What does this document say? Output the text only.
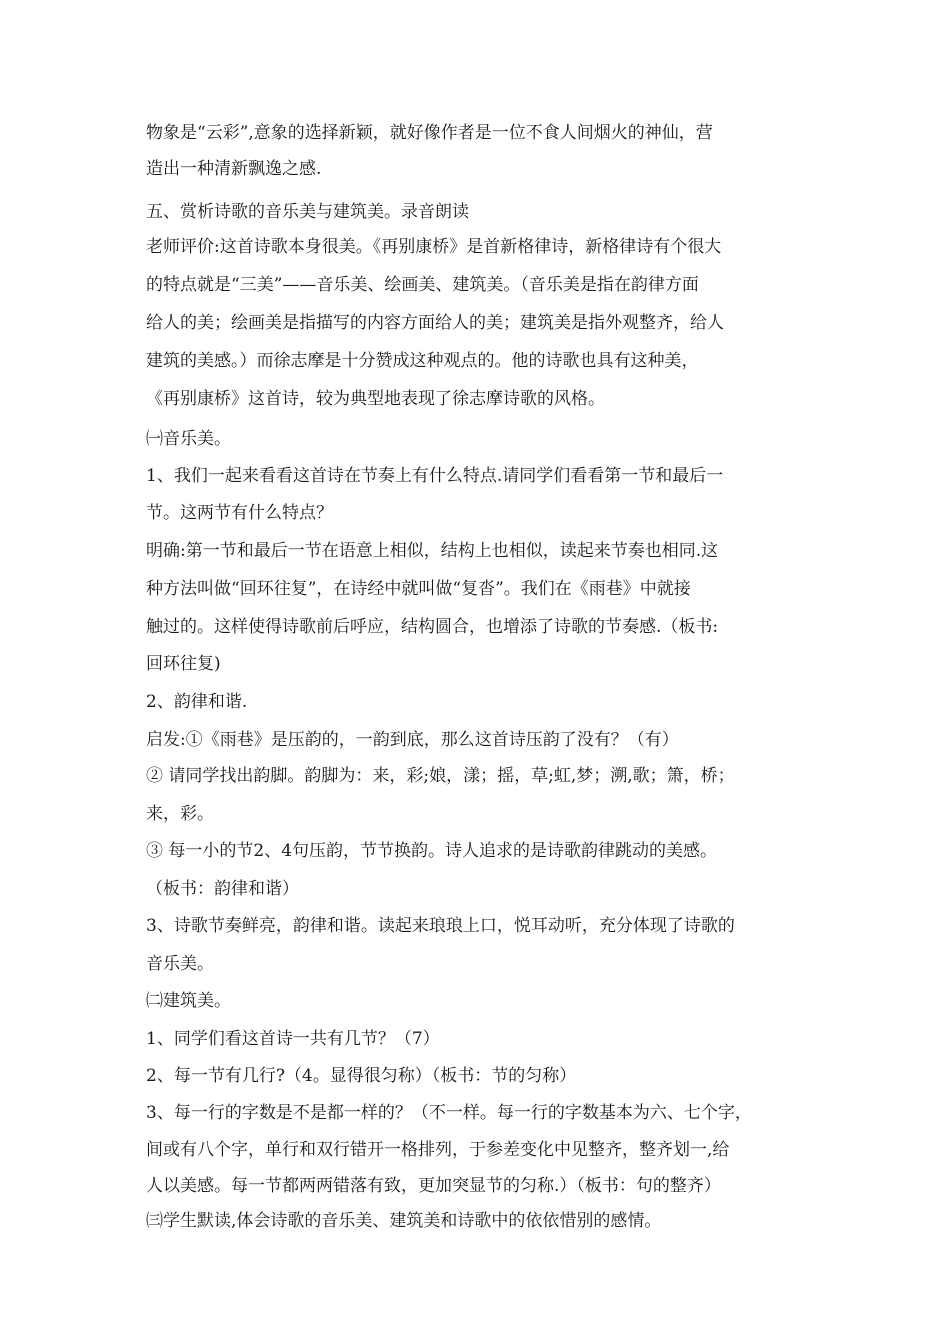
物象是“云彩”,意象的选择新颖，就好像作者是一位不食人间烟火的神仙，营
造出一种清新飘逸之感.
五、赏析诗歌的音乐美与建筑美。录音朗读
老师评价:这首诗歌本身很美。《再别康桥》是首新格律诗，新格律诗有个很大
的特点就是“三美”——音乐美、绘画美、建筑美。（音乐美是指在韵律方面
给人的美；绘画美是指描写的内容方面给人的美；建筑美是指外观整齐，给人
建筑的美感。）而徐志摩是十分赞成这种观点的。他的诗歌也具有这种美，
《再别康桥》这首诗，较为典型地表现了徐志摩诗歌的风格。
㈠音乐美。
1、我们一起来看看这首诗在节奏上有什么特点.请同学们看看第一节和最后一
节。这两节有什么特点？
明确:第一节和最后一节在语意上相似，结构上也相似，读起来节奏也相同.这
种方法叫做“回环往复”，在诗经中就叫做“复沓”。我们在《雨巷》中就接
触过的。这样使得诗歌前后呼应，结构圆合，也增添了诗歌的节奏感.（板书:
回环往复)
2、韵律和谐.
启发:①《雨巷》是压韵的，一韵到底，那么这首诗压韵了没有？（有）
② 请同学找出韵脚。韵脚为：来，彩;娘，漾；摇，草;虹,梦；溯,歌；箫，桥；
来，彩。
③ 每一小的节2、4句压韵，节节换韵。诗人追求的是诗歌韵律跳动的美感。
（板书：韵律和谐）
3、诗歌节奏鲜亮，韵律和谐。读起来琅琅上口，悦耳动听，充分体现了诗歌的
音乐美。
㈡建筑美。
1、同学们看这首诗一共有几节？（7）
2、每一节有几行?（4。显得很匀称）（板书：节的匀称）
3、每一行的字数是不是都一样的？（不一样。每一行的字数基本为六、七个字，
间或有八个字，单行和双行错开一格排列，于参差变化中见整齐，整齐划一,给
人以美感。每一节都两两错落有致，更加突显节的匀称.）（板书：句的整齐）
㈢学生默读,体会诗歌的音乐美、建筑美和诗歌中的依依惜别的感情。
